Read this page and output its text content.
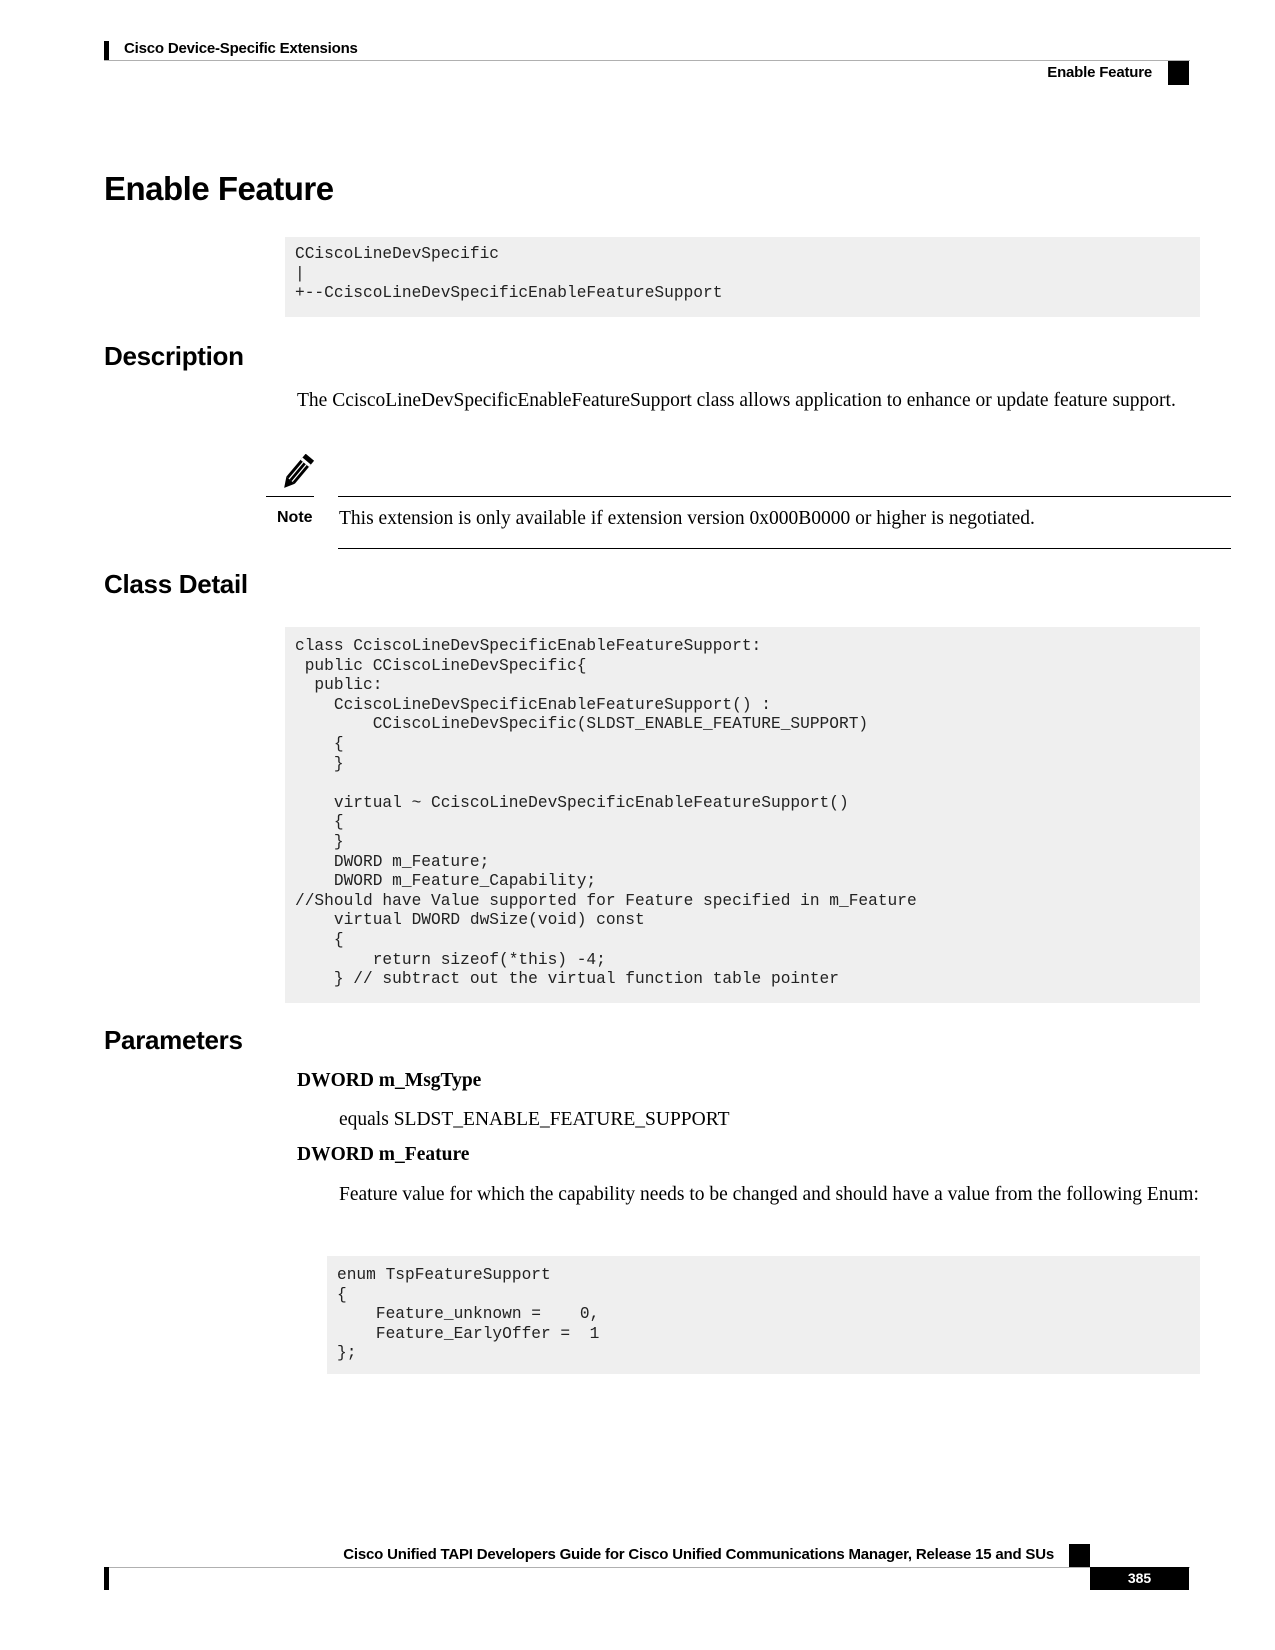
Cisco Device-Specific Extensions
Enable Feature
Enable Feature
CCiscoLineDevSpecific
|
+--CciscoLineDevSpecificEnableFeatureSupport
Description
The CciscoLineDevSpecificEnableFeatureSupport class allows application to enhance or update feature support.
Note This extension is only available if extension version 0x000B0000 or higher is negotiated.
Class Detail
class CciscoLineDevSpecificEnableFeatureSupport:
public CCiscoLineDevSpecific{
public:
CciscoLineDevSpecificEnableFeatureSupport() :
CCiscoLineDevSpecific(SLDST_ENABLE_FEATURE_SUPPORT)
{
}

virtual ~ CciscoLineDevSpecificEnableFeatureSupport()
{
}
DWORD m_Feature;
DWORD m_Feature_Capability;
//Should have Value supported for Feature specified in m_Feature
virtual DWORD dwSize(void) const
{
return sizeof(*this) -4;
} // subtract out the virtual function table pointer
Parameters
DWORD m_MsgType
equals SLDST_ENABLE_FEATURE_SUPPORT
DWORD m_Feature
Feature value for which the capability needs to be changed and should have a value from the following Enum:
enum TspFeatureSupport
{
Feature_unknown =    0,
Feature_EarlyOffer =  1
};
Cisco Unified TAPI Developers Guide for Cisco Unified Communications Manager, Release 15 and SUs
385
